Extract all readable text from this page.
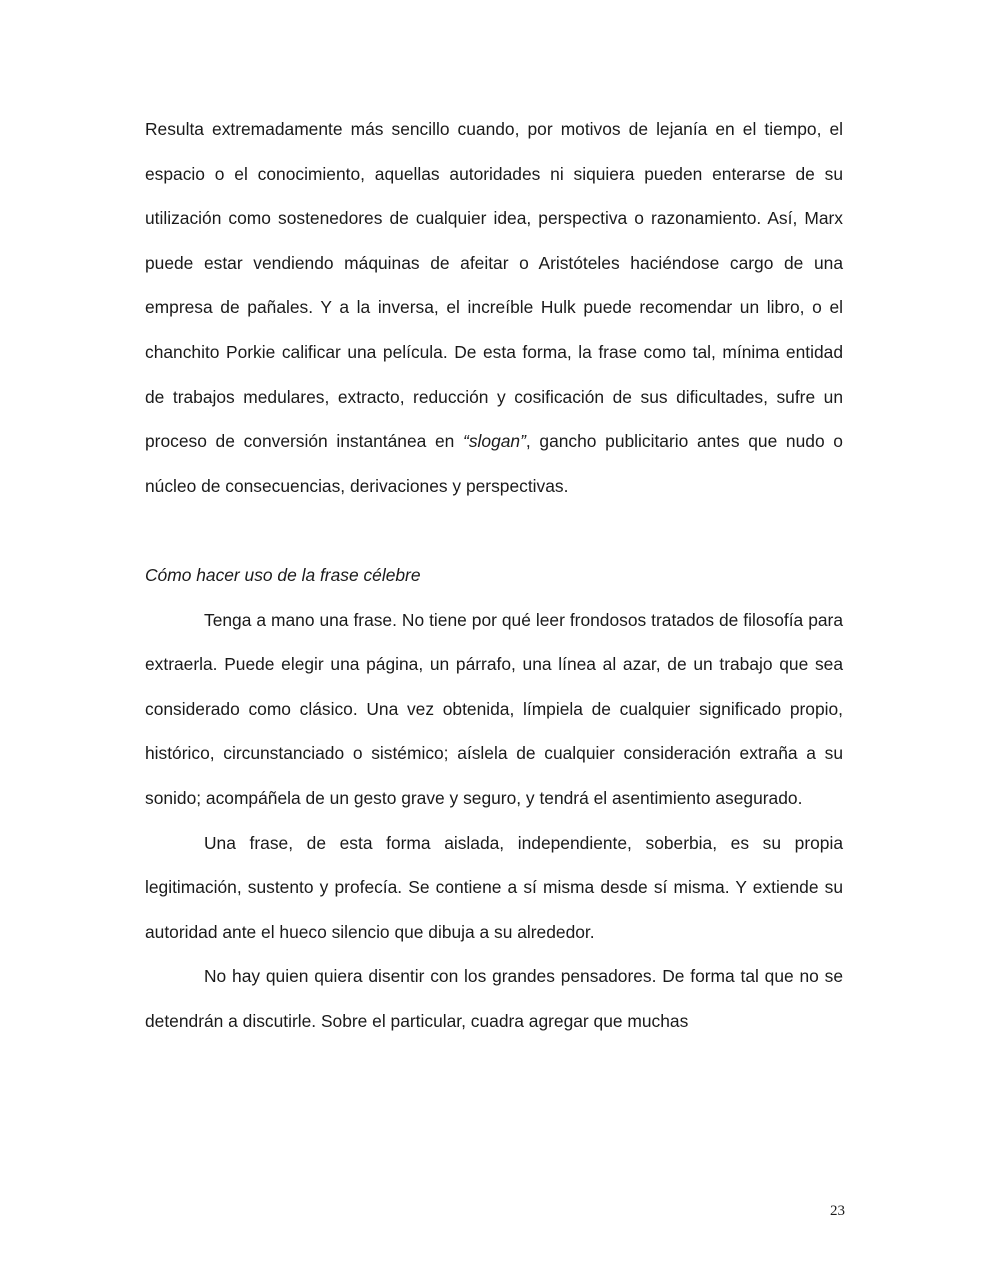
Resulta extremadamente más sencillo cuando, por motivos de lejanía en el tiempo, el espacio o el conocimiento, aquellas autoridades ni siquiera pueden enterarse de su utilización como sostenedores de cualquier idea, perspectiva o razonamiento. Así, Marx puede estar vendiendo máquinas de afeitar o Aristóteles haciéndose cargo de una empresa de pañales. Y a la inversa, el increíble Hulk puede recomendar un libro, o el chanchito Porkie calificar una película. De esta forma, la frase como tal, mínima entidad de trabajos medulares, extracto, reducción y cosificación de sus dificultades, sufre un proceso de conversión instantánea en “slogan”, gancho publicitario antes que nudo o núcleo de consecuencias, derivaciones y perspectivas.

Cómo hacer uso de la frase célebre

Tenga a mano una frase. No tiene por qué leer frondosos tratados de filosofía para extraerla. Puede elegir una página, un párrafo, una línea al azar, de un trabajo que sea considerado como clásico. Una vez obtenida, límpiela de cualquier significado propio, histórico, circunstanciado o sistémico; aíslela de cualquier consideración extraña a su sonido; acompáñela de un gesto grave y seguro, y tendrá el asentimiento asegurado.

Una frase, de esta forma aislada, independiente, soberbia, es su propia legitimación, sustento y profecía. Se contiene a sí misma desde sí misma. Y extiende su autoridad ante el hueco silencio que dibuja a su alrededor.

No hay quien quiera disentir con los grandes pensadores. De forma tal que no se detendrán a discutirle. Sobre el particular, cuadra agregar que muchas

23
